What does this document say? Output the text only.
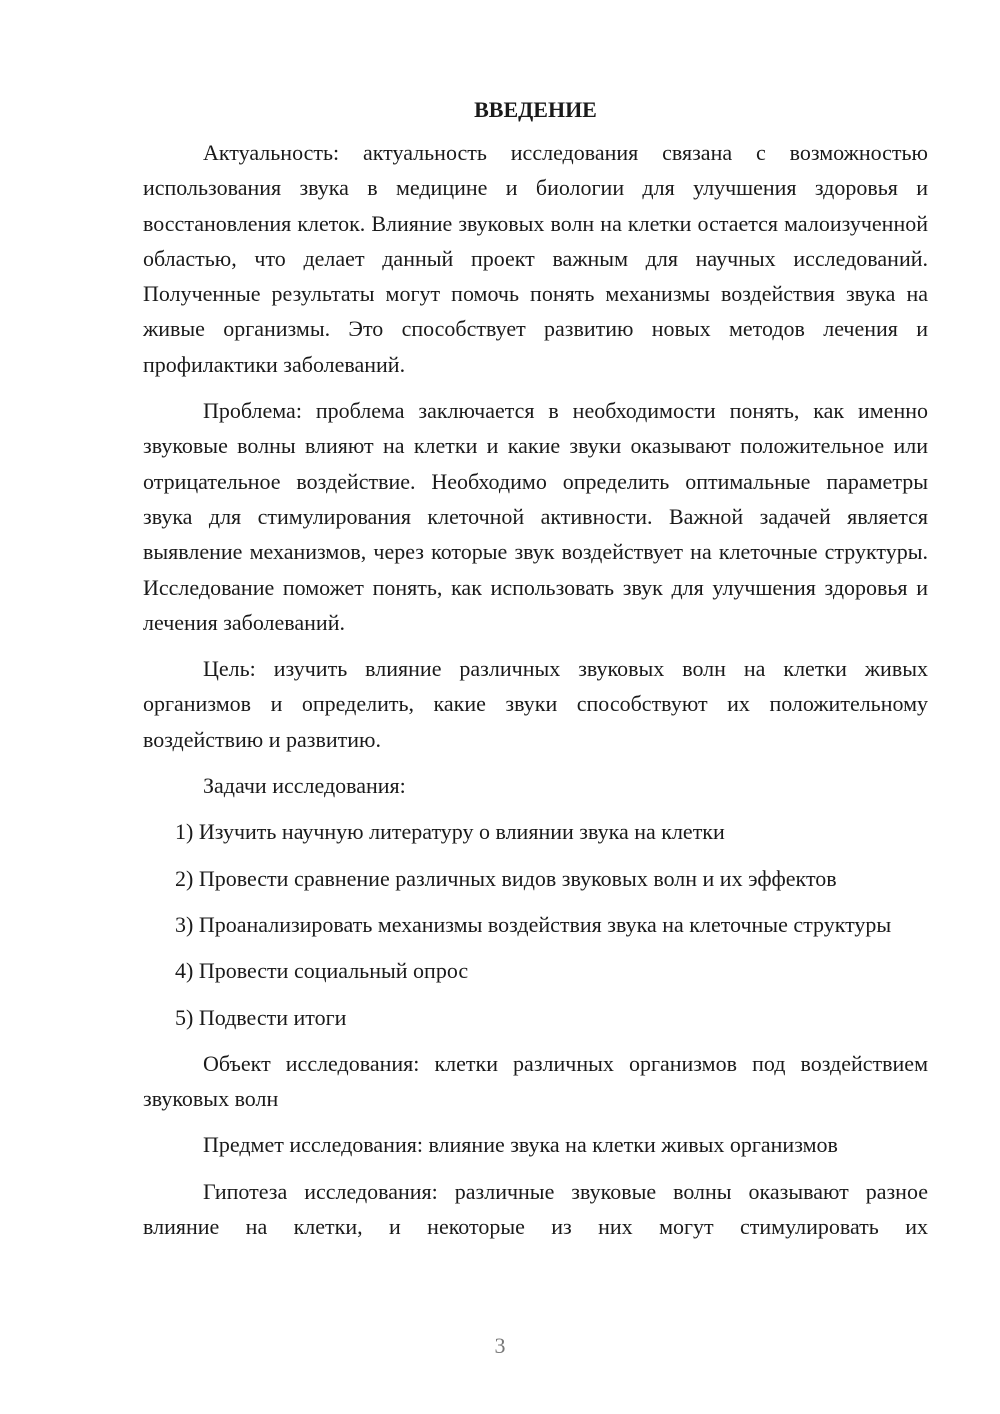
ВВЕДЕНИЕ

Актуальность: актуальность исследования связана с возможностью использования звука в медицине и биологии для улучшения здоровья и восстановления клеток. Влияние звуковых волн на клетки остается малоизученной областью, что делает данный проект важным для научных исследований. Полученные результаты могут помочь понять механизмы воздействия звука на живые организмы. Это способствует развитию новых методов лечения и профилактики заболеваний.

Проблема: проблема заключается в необходимости понять, как именно звуковые волны влияют на клетки и какие звуки оказывают положительное или отрицательное воздействие. Необходимо определить оптимальные параметры звука для стимулирования клеточной активности. Важной задачей является выявление механизмов, через которые звук воздействует на клеточные структуры. Исследование поможет понять, как использовать звук для улучшения здоровья и лечения заболеваний.

Цель: изучить влияние различных звуковых волн на клетки живых организмов и определить, какие звуки способствуют их положительному воздействию и развитию.

Задачи исследования:

1) Изучить научную литературу о влиянии звука на клетки

2) Провести сравнение различных видов звуковых волн и их эффектов

3) Проанализировать механизмы воздействия звука на клеточные структуры

4) Провести социальный опрос

5) Подвести итоги

Объект исследования: клетки различных организмов под воздействием звуковых волн

Предмет исследования: влияние звука на клетки живых организмов

Гипотеза исследования: различные звуковые волны оказывают разное влияние на клетки, и некоторые из них могут стимулировать их

3
